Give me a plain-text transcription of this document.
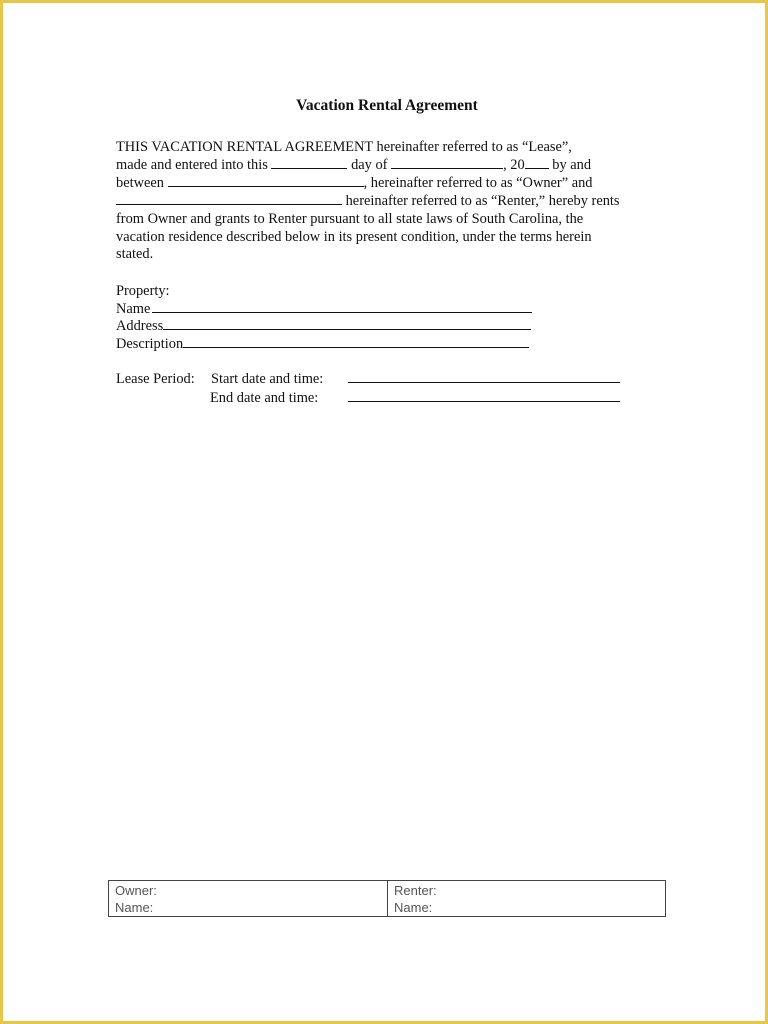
Vacation Rental Agreement
THIS VACATION RENTAL AGREEMENT hereinafter referred to as “Lease”,
made and entered into this	day of	, 20 by and
between	, hereinafter referred to as “Owner” and
hereinafter referred to as “Renter,” hereby rents
from Owner and grants to Renter pursuant to all state laws of South Carolina, the
vacation residence described below in its present condition, under the terms herein
stated.
Property:
Name
Address
Description
Lease Period: Start date and time:
End date and time:
Owner:
Name:

Renter:
Name:
